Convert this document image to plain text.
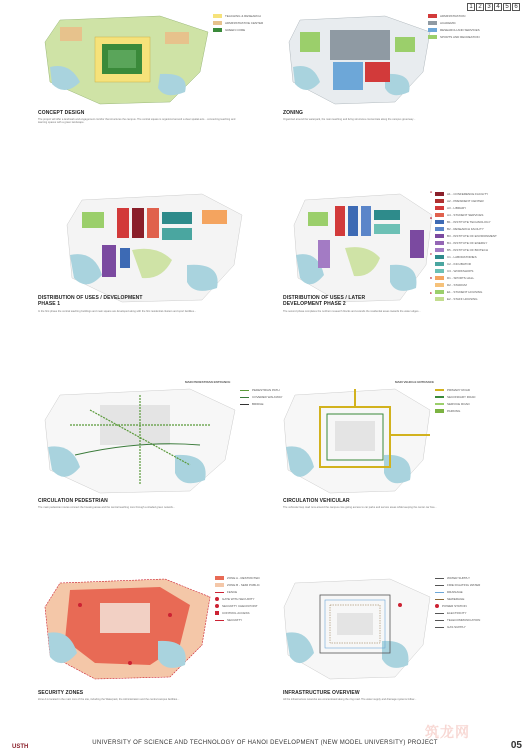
1 2 3 4 5 6
TEACHING & RESEARCH
ADMINISTRATIVE CENTER
GREEN CORE
CONCEPT DESIGN
The project will offer a landmark and engagement corridor that structures the campus. The central square is organized around a clear spatial axis... connecting teaching and learning spaces with a green landscape.
ADMINISTRATION
ACADEMIC
RESEARCH AND SERVICES
SPORTS AND RECREATION
ZONING
Organized around the waterpark, the main teaching and living structures concentrate along the campus greenway...
DISTRIBUTION OF USES / DEVELOPMENT PHASE 1
In the first phase the central teaching buildings and main square are developed along with the first residential clusters and sport facilities...
A1 - CONFERENCE FACILITY
A2 - PRESIDENT CENTER
A3 - LIBRARY
A4 - STUDENT SERVICES
B1 - INSTITUTE TECHNOLOGY
B2 - RESEARCH FACILITY
B3 - INSTITUTE OF ENVIRONMENT
B4 - INSTITUTE OF ENERGY
B5 - INSTITUTE OF BIOTECH
C1 - LABORATORIES
C2 - INCUBATOR
C3 - WORKSHOPS
D1 - SPORTS HALL
D2 - STADIUM
E1 - STUDENT HOUSING
E2 - STAFF HOUSING
A
B
C
D
E
DISTRIBUTION OF USES / LATER DEVELOPMENT PHASE 2
The second phase completes the northern research blocks and extends the residential areas towards the water edges...
PEDESTRIAN PATH
COVERED WALKWAY
BRIDGE
MAIN PEDESTRIAN ENTRANCE
CIRCULATION PEDESTRIAN
The main pedestrian routes connect the housing areas and the central teaching core through a shaded green network...
PRIMARY ROAD
SECONDARY ROAD
SERVICE ROAD
PARKING
MAIN VEHICLE ENTRANCE
CIRCULATION VEHICULAR
The vehicular loop road runs around the campus core giving access to car parks and service areas while keeping the center car free...
ZONE A - RESTRICTED
ZONE B - SEMI PUBLIC
FENCE
GATE WITH SECURITY
SECURITY CHECKPOINT
CONTROL ACCESS
SECURITY
SECURITY ZONES
Zone A is located in the main core of the site, including the Waterpark, the Administration and the central campus facilities...
WATER SUPPLY
FIRE FIGHTING WATER
DRAINAGE
SEWERAGE
POWER STATION
ELECTRICITY
TELECOMMUNICATION
GAS SUPPLY
INFRASTRUCTURE OVERVIEW
All the infrastructure networks are concentrated along the ring road. The water supply and drainage systems follow...
USTH
UNIVERSITY OF SCIENCE AND TECHNOLOGY OF HANOI DEVELOPMENT (NEW MODEL UNIVERSITY) PROJECT
筑龙网
05
